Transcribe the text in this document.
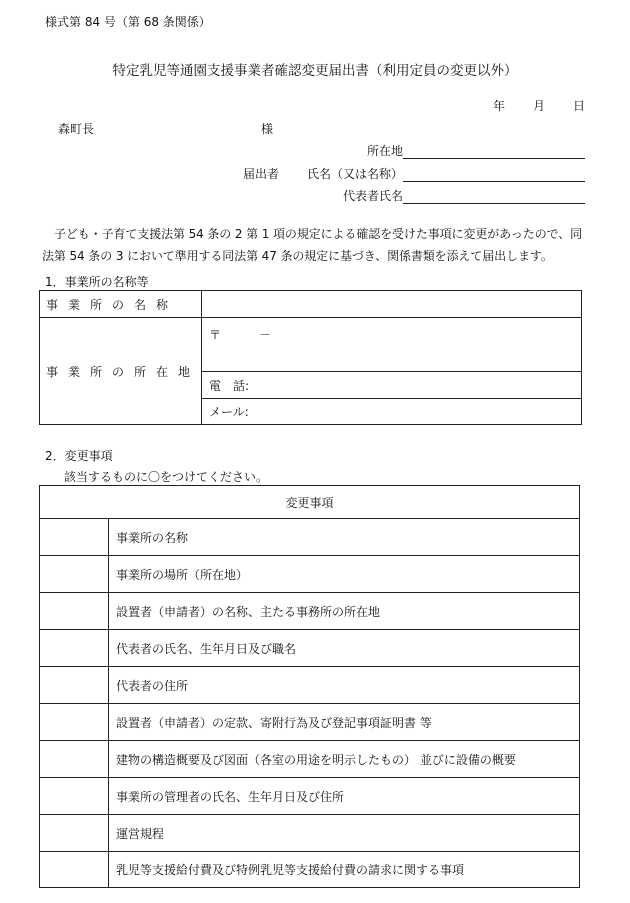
様式第 84 号（第 68 条関係）
特定乳児等通園支援事業者確認変更届出書（利用定員の変更以外）
年 月 日
森町長	様
所在地
届出者 氏名（又は名称）
代表者氏名
子ども・子育て支援法第 54 条の 2 第 1 項の規定による確認を受けた事項に変更があったので、同法第 54 条の 3 において準用する同法第 47 条の規定に基づき、関係書類を添えて届出します。
1．事業所の名称等
事業所の名称	
事業所の所在地	〒 －
	電　話:
	メール:
2．変更事項
該当するものに〇をつけてください。
変更事項	
	事業所の名称
	事業所の場所（所在地）
	設置者（申請者）の名称、主たる事務所の所在地
	代表者の氏名、生年月日及び職名
	代表者の住所
	設置者（申請者）の定款、寄附行為及び登記事項証明書 等
	建物の構造概要及び図面（各室の用途を明示したもの） 並びに設備の概要
	事業所の管理者の氏名、生年月日及び住所
	運営規程
	乳児等支援給付費及び特例乳児等支援給付費の請求に関する事項
